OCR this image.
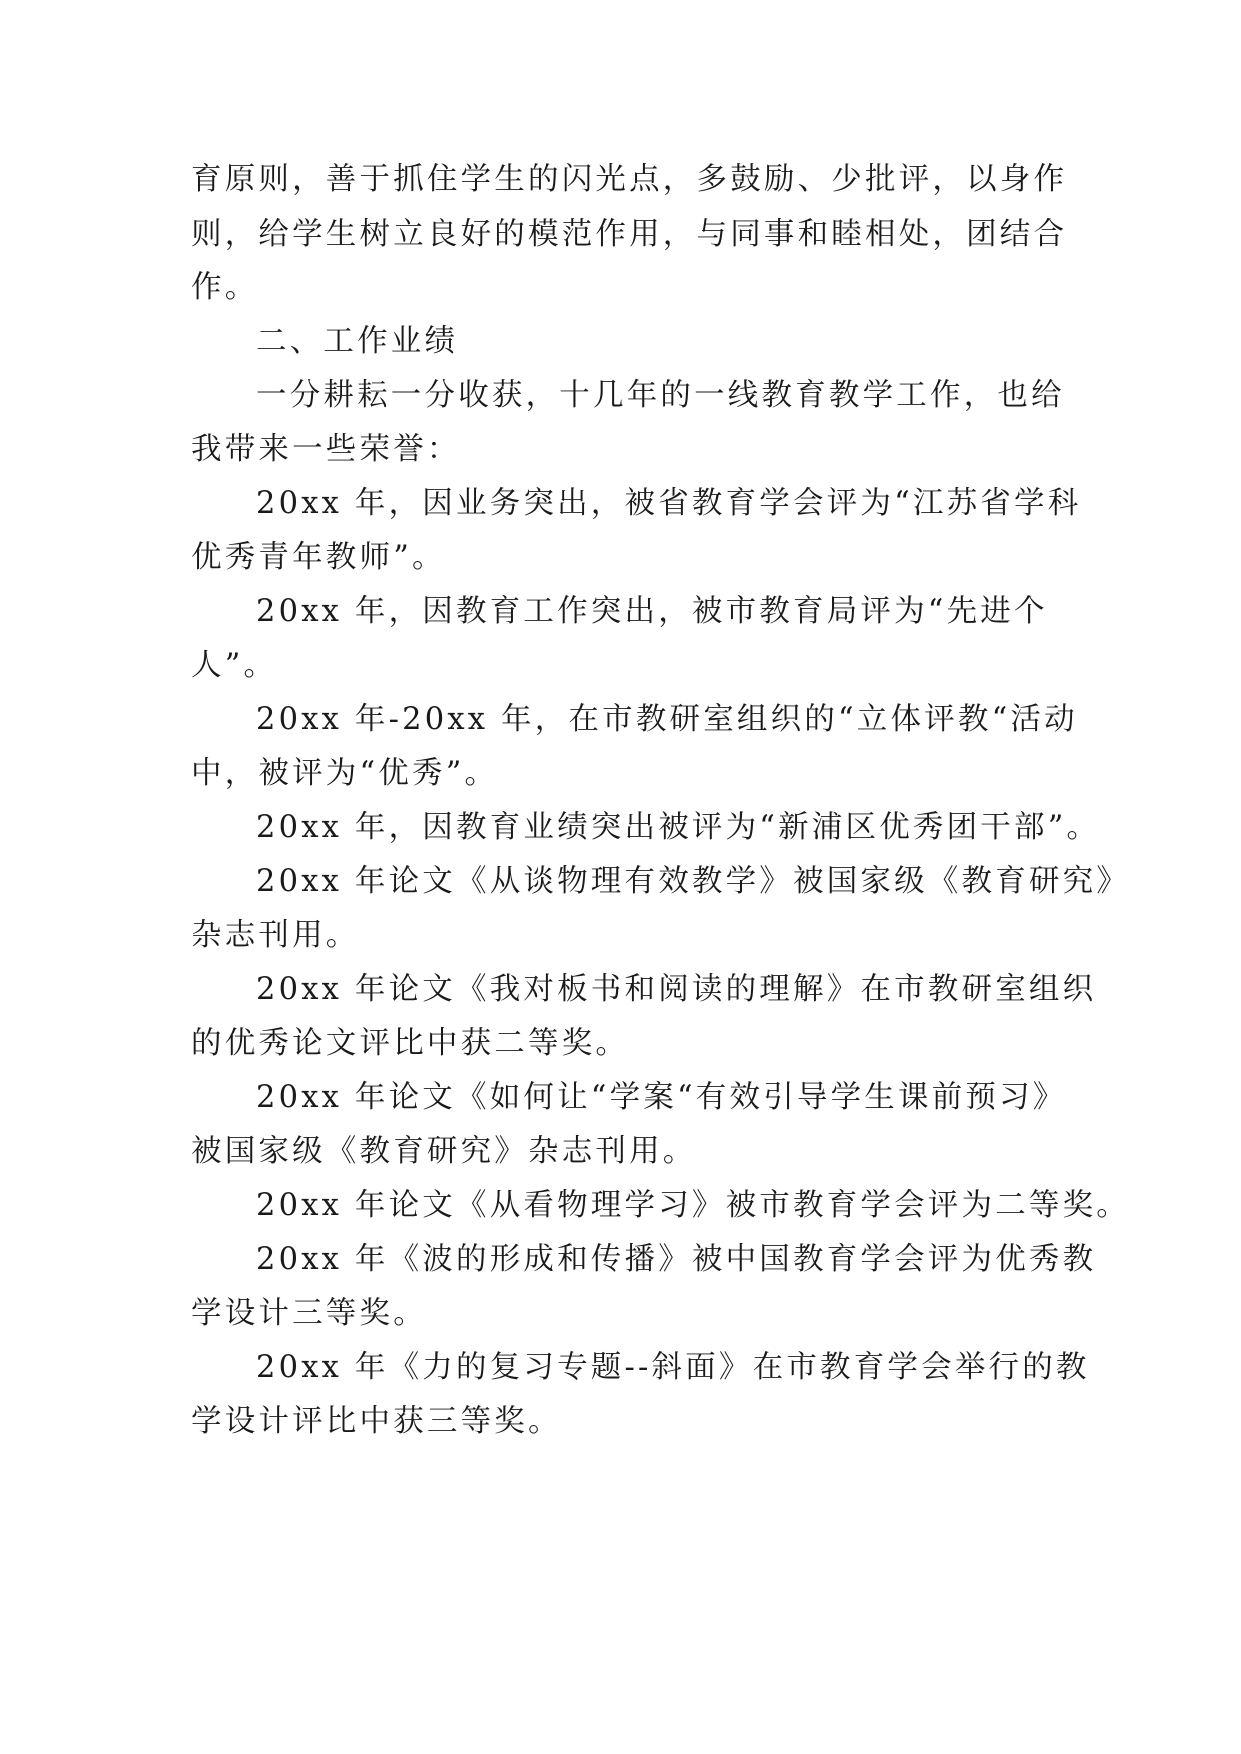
育原则，善于抓住学生的闪光点，多鼓励、少批评，以身作
则，给学生树立良好的模范作用，与同事和睦相处，团结合
作。
二、工作业绩
一分耕耘一分收获，十几年的一线教育教学工作，也给
我带来一些荣誉：
20xx 年，因业务突出，被省教育学会评为“江苏省学科
优秀青年教师”。
20xx 年，因教育工作突出，被市教育局评为“先进个
人”。
20xx 年-20xx 年，在市教研室组织的“立体评教“活动
中，被评为“优秀”。
20xx 年，因教育业绩突出被评为“新浦区优秀团干部”。
20xx 年论文《从谈物理有效教学》被国家级《教育研究》
杂志刊用。
20xx 年论文《我对板书和阅读的理解》在市教研室组织
的优秀论文评比中获二等奖。
20xx 年论文《如何让“学案“有效引导学生课前预习》
被国家级《教育研究》杂志刊用。
20xx 年论文《从看物理学习》被市教育学会评为二等奖。
20xx 年《波的形成和传播》被中国教育学会评为优秀教
学设计三等奖。
20xx 年《力的复习专题--斜面》在市教育学会举行的教
学设计评比中获三等奖。
